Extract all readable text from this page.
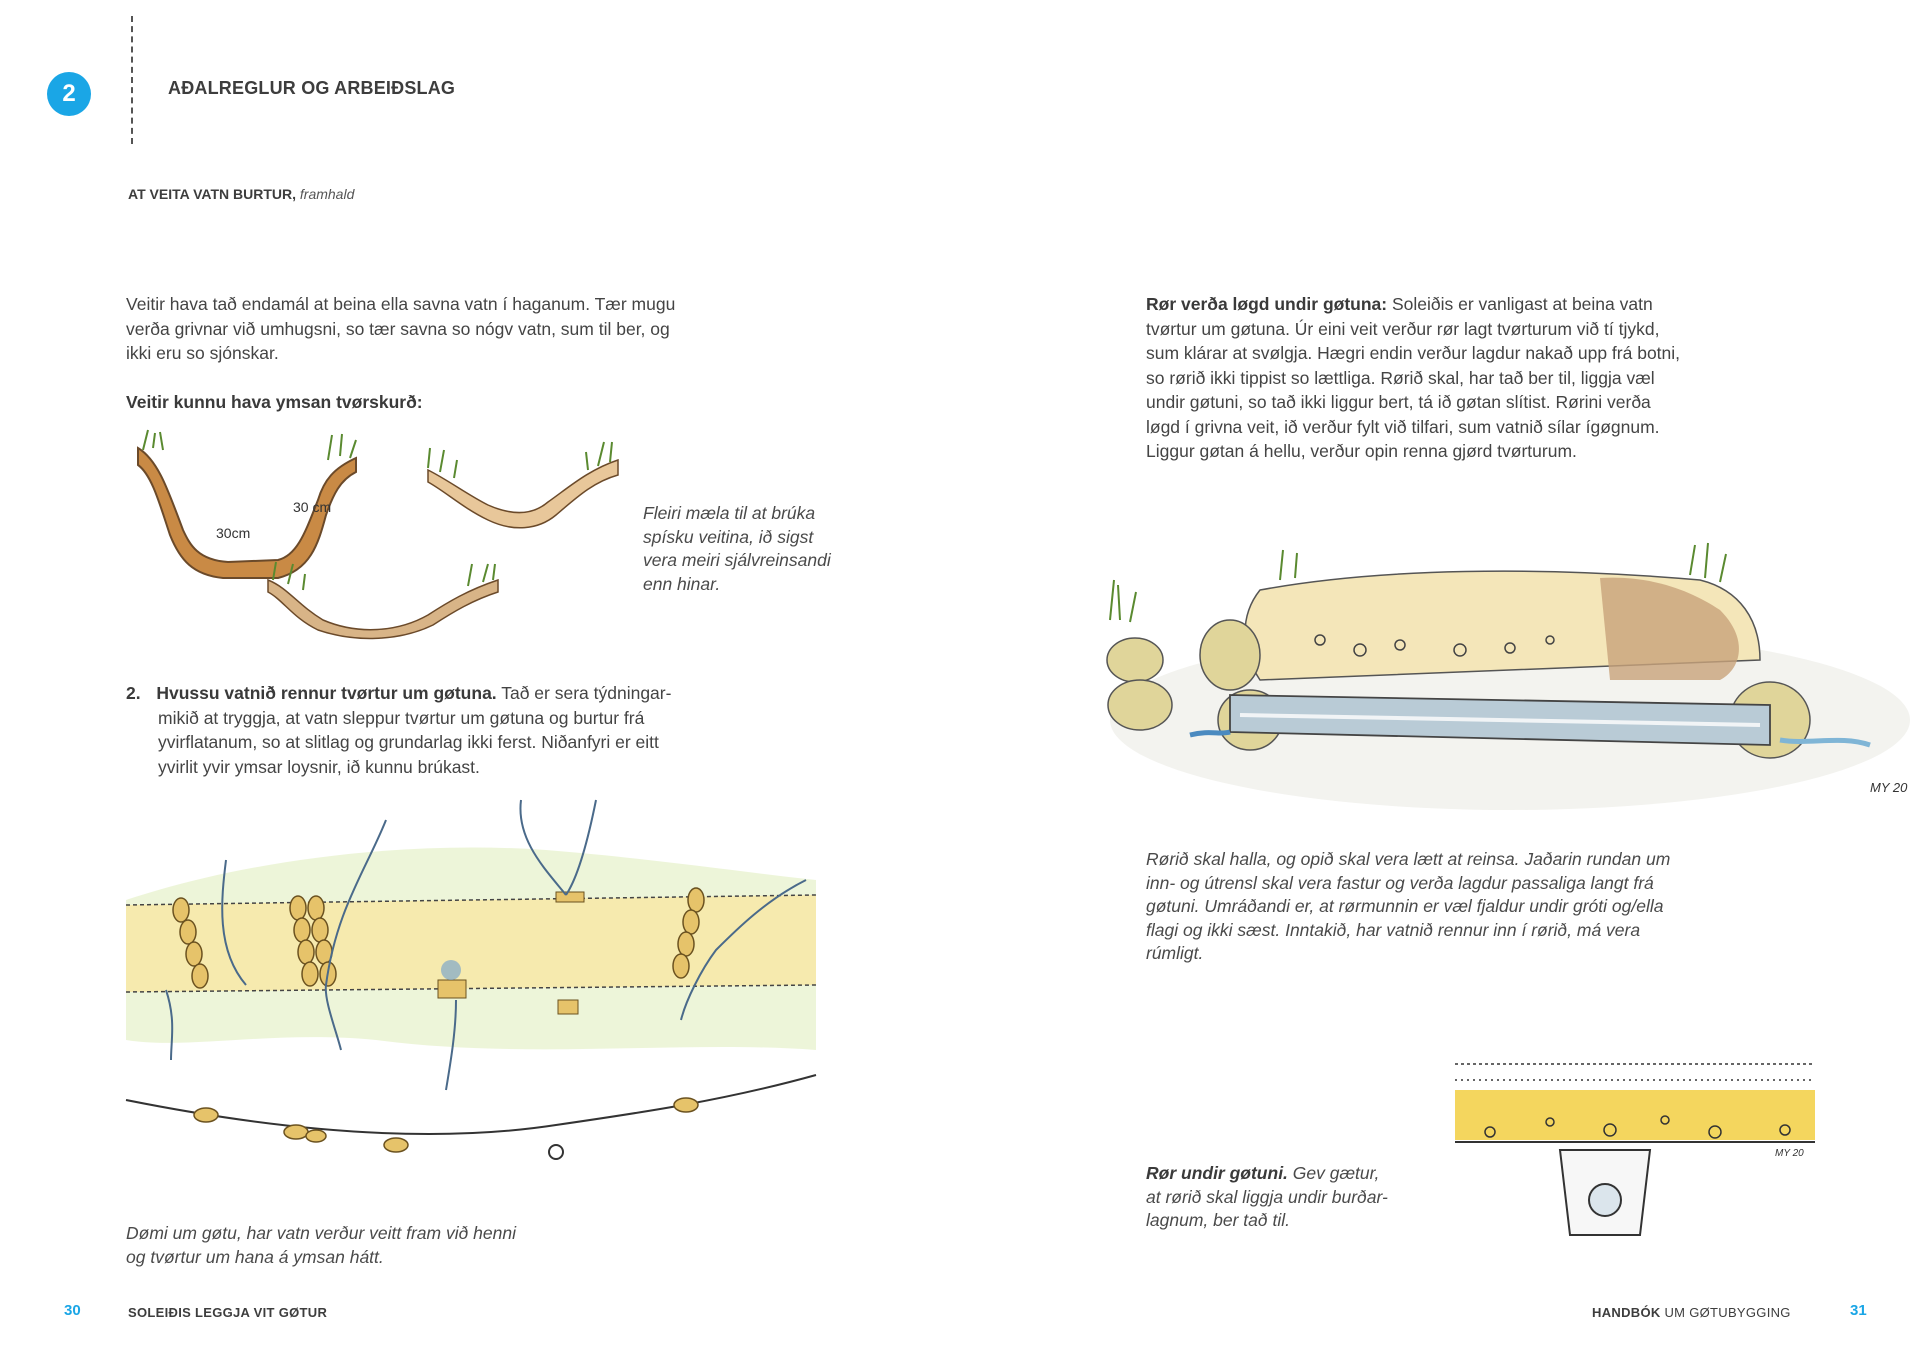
2	AÐALREGLUR OG ARBEIÐSLAG
AT VEITA VATN BURTUR, framhald
Veitir hava tað endamál at beina ella savna vatn í haganum. Tær mugu
verða grivnar við umhugsni, so tær savna so nógv vatn, sum til ber, og
ikki eru so sjónskar.
Veitir kunnu hava ymsan tvørskurð:
30 cm
30cm
Fleiri mæla til at brúka
spísku veitina, ið sigst
vera meiri sjálvreinsandi
enn hinar.
2. Hvussu vatnið rennur tvørtur um gøtuna. Tað er sera týdningar-
mikið at tryggja, at vatn sleppur tvørtur um gøtuna og burtur frá
yvirflatanum, so at slitlag og grundarlag ikki ferst. Niðanfyri er eitt
yvirlit yvir ymsar loysnir, ið kunnu brúkast.
Dømi um gøtu, har vatn verður veitt fram við henni
og tvørtur um hana á ymsan hátt.
Rør verða løgd undir gøtuna: Soleiðis er vanligast at beina vatn
tvørtur um gøtuna. Úr eini veit verður rør lagt tvørturum við tí tjykd,
sum klárar at svølgja. Hægri endin verður lagdur nakað upp frá botni,
so rørið ikki tippist so lættliga. Rørið skal, har tað ber til, liggja væl
undir gøtuni, so tað ikki liggur bert, tá ið gøtan slítist. Rørini verða
løgd í grivna veit, ið verður fylt við tilfari, sum vatnið sílar ígøgnum.
Liggur gøtan á hellu, verður opin renna gjørd tvørturum.
MY 20
Rørið skal halla, og opið skal vera lætt at reinsa. Jaðarin rundan um
inn- og útrensl skal vera fastur og verða lagdur passaliga langt frá
gøtuni. Umráðandi er, at rørmunnin er væl fjaldur undir gróti og/ella
flagi og ikki sæst. Inntakið, har vatnið rennur inn í rørið, má vera
rúmligt.
MY 20
Rør undir gøtuni. Gev gætur,
at rørið skal liggja undir burðar-
lagnum, ber tað til.
30	SOLEIÐIS LEGGJA VIT GØTUR	HANDBÓK UM GØTUBYGGING	31
